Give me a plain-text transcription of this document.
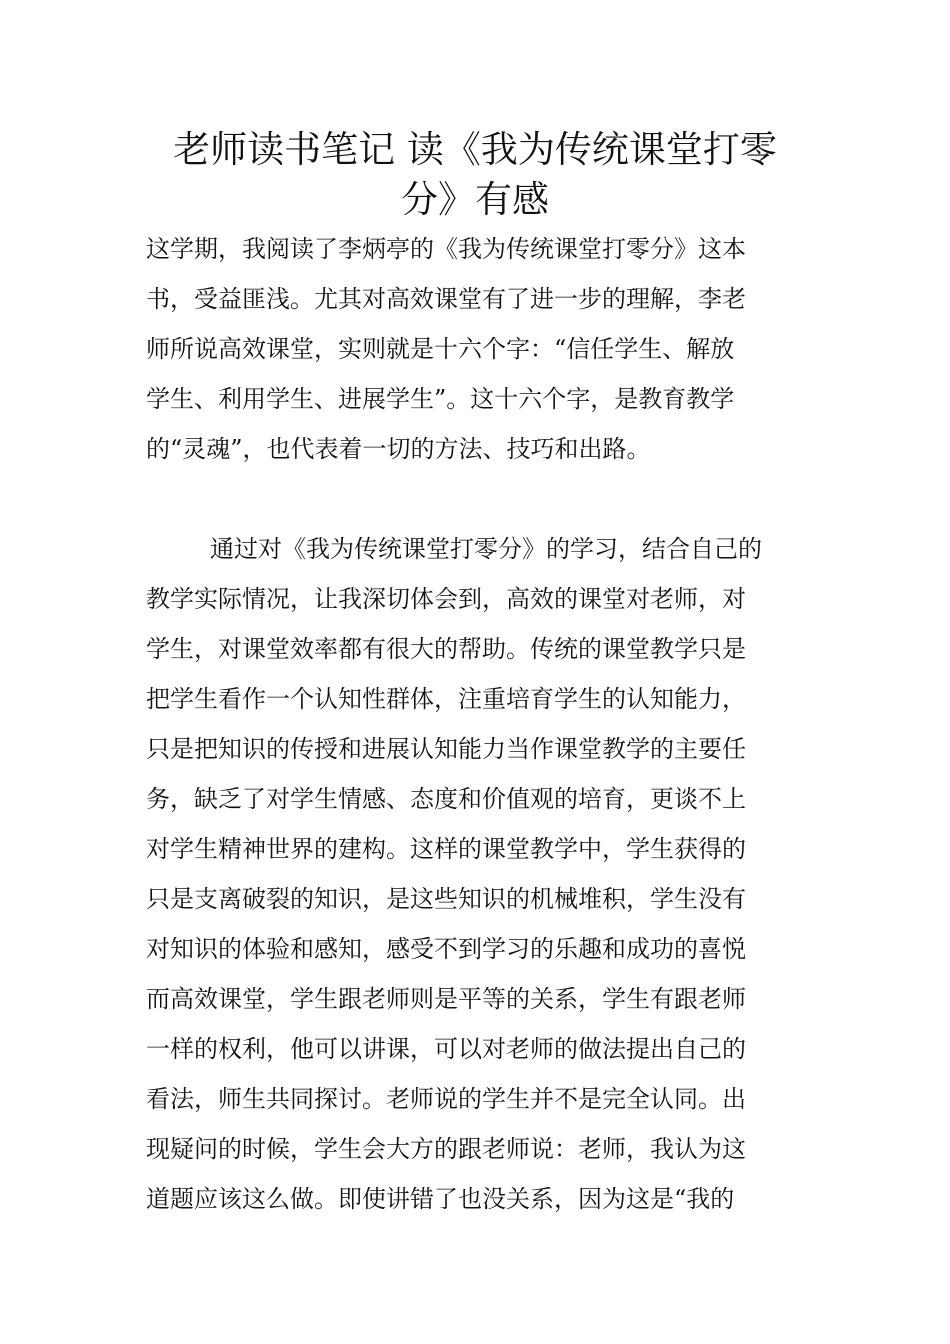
老师读书笔记 读《我为传统课堂打零
分》有感
这学期，我阅读了李炳亭的《我为传统课堂打零分》这本
书，受益匪浅。尤其对高效课堂有了进一步的理解，李老
师所说高效课堂，实则就是十六个字：“信任学生、解放
学生、利用学生、进展学生”。这十六个字，是教育教学
的“灵魂”，也代表着一切的方法、技巧和出路。
通过对《我为传统课堂打零分》的学习，结合自己的
教学实际情况，让我深切体会到，高效的课堂对老师，对
学生，对课堂效率都有很大的帮助。传统的课堂教学只是
把学生看作一个认知性群体，注重培育学生的认知能力，
只是把知识的传授和进展认知能力当作课堂教学的主要任
务，缺乏了对学生情感、态度和价值观的培育，更谈不上
对学生精神世界的建构。这样的课堂教学中，学生获得的
只是支离破裂的知识，是这些知识的机械堆积，学生没有
对知识的体验和感知，感受不到学习的乐趣和成功的喜悦
而高效课堂，学生跟老师则是平等的关系，学生有跟老师
一样的权利，他可以讲课，可以对老师的做法提出自己的
看法，师生共同探讨。老师说的学生并不是完全认同。出
现疑问的时候，学生会大方的跟老师说：老师，我认为这
道题应该这么做。即使讲错了也没关系，因为这是“我的
